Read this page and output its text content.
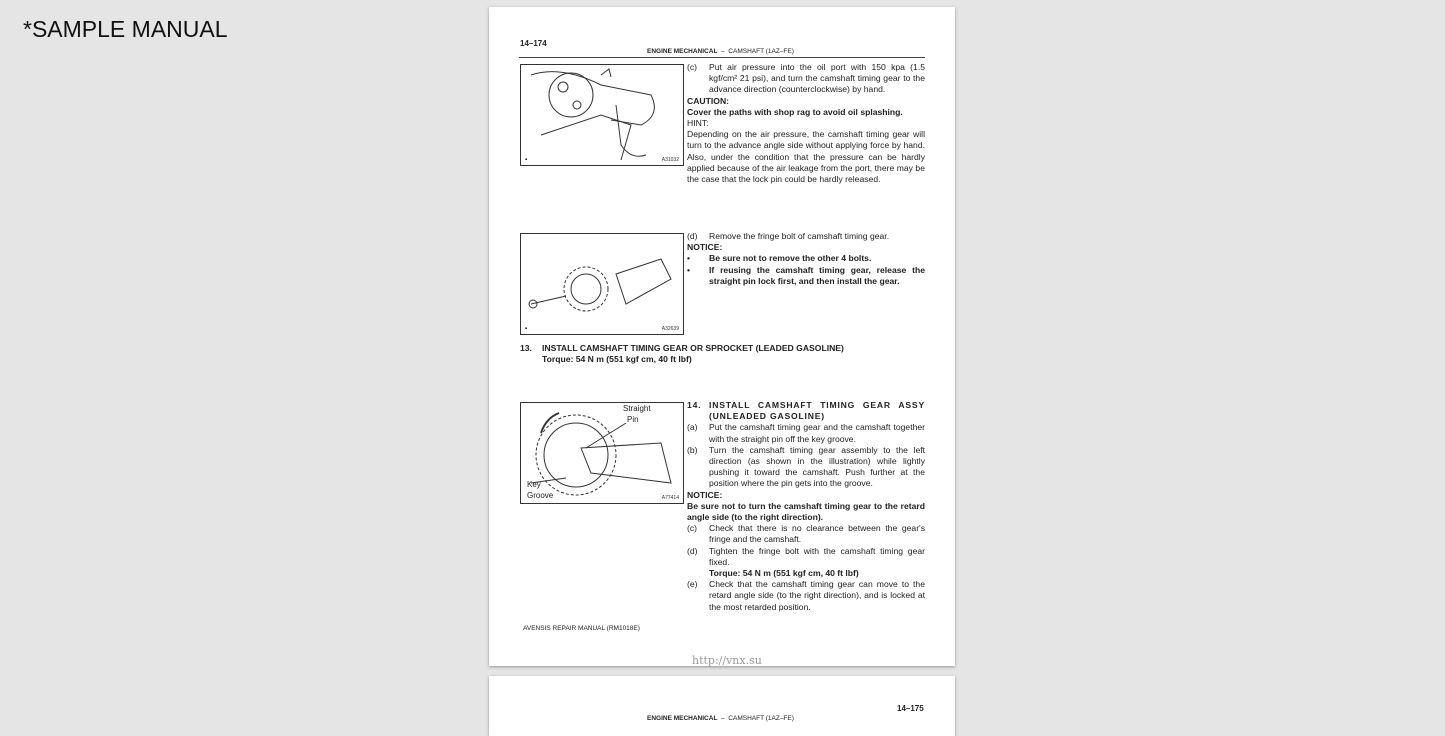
*SAMPLE MANUAL
14–174
ENGINE MECHANICAL – CAMSHAFT (1AZ–FE)
▪	A31032
(c) Put air pressure into the oil port with 150 kpa (1.5 kgf/cm² 21 psi), and turn the camshaft timing gear to the advance direction (counterclockwise) by hand.
CAUTION:
Cover the paths with shop rag to avoid oil splashing.
HINT:
Depending on the air pressure, the camshaft timing gear will turn to the advance angle side without applying force by hand. Also, under the condition that the pressure can be hardly applied because of the air leakage from the port, there may be the case that the lock pin could be hardly released.
▪	A32639
(d) Remove the fringe bolt of camshaft timing gear.
NOTICE:
• Be sure not to remove the other 4 bolts.
• If reusing the camshaft timing gear, release the straight pin lock first, and then install the gear.
13. INSTALL CAMSHAFT TIMING GEAR OR SPROCKET (LEADED GASOLINE)
Torque: 54 N m (551 kgf cm, 40 ft lbf)
Straight
Pin
Key
Groove	A77414
14. INSTALL CAMSHAFT TIMING GEAR ASSY (UNLEADED GASOLINE)
(a) Put the camshaft timing gear and the camshaft together with the straight pin off the key groove.
(b) Turn the camshaft timing gear assembly to the left direction (as shown in the illustration) while lightly pushing it toward the camshaft. Push further at the position where the pin gets into the groove.
NOTICE:
Be sure not to turn the camshaft timing gear to the retard angle side (to the right direction).
(c) Check that there is no clearance between the gear's fringe and the camshaft.
(d) Tighten the fringe bolt with the camshaft timing gear fixed.
Torque: 54 N m (551 kgf cm, 40 ft lbf)
(e) Check that the camshaft timing gear can move to the retard angle side (to the right direction), and is locked at the most retarded position.
AVENSIS REPAIR MANUAL (RM1018E)
http://vnx.su
14–175
ENGINE MECHANICAL – CAMSHAFT (1AZ–FE)
